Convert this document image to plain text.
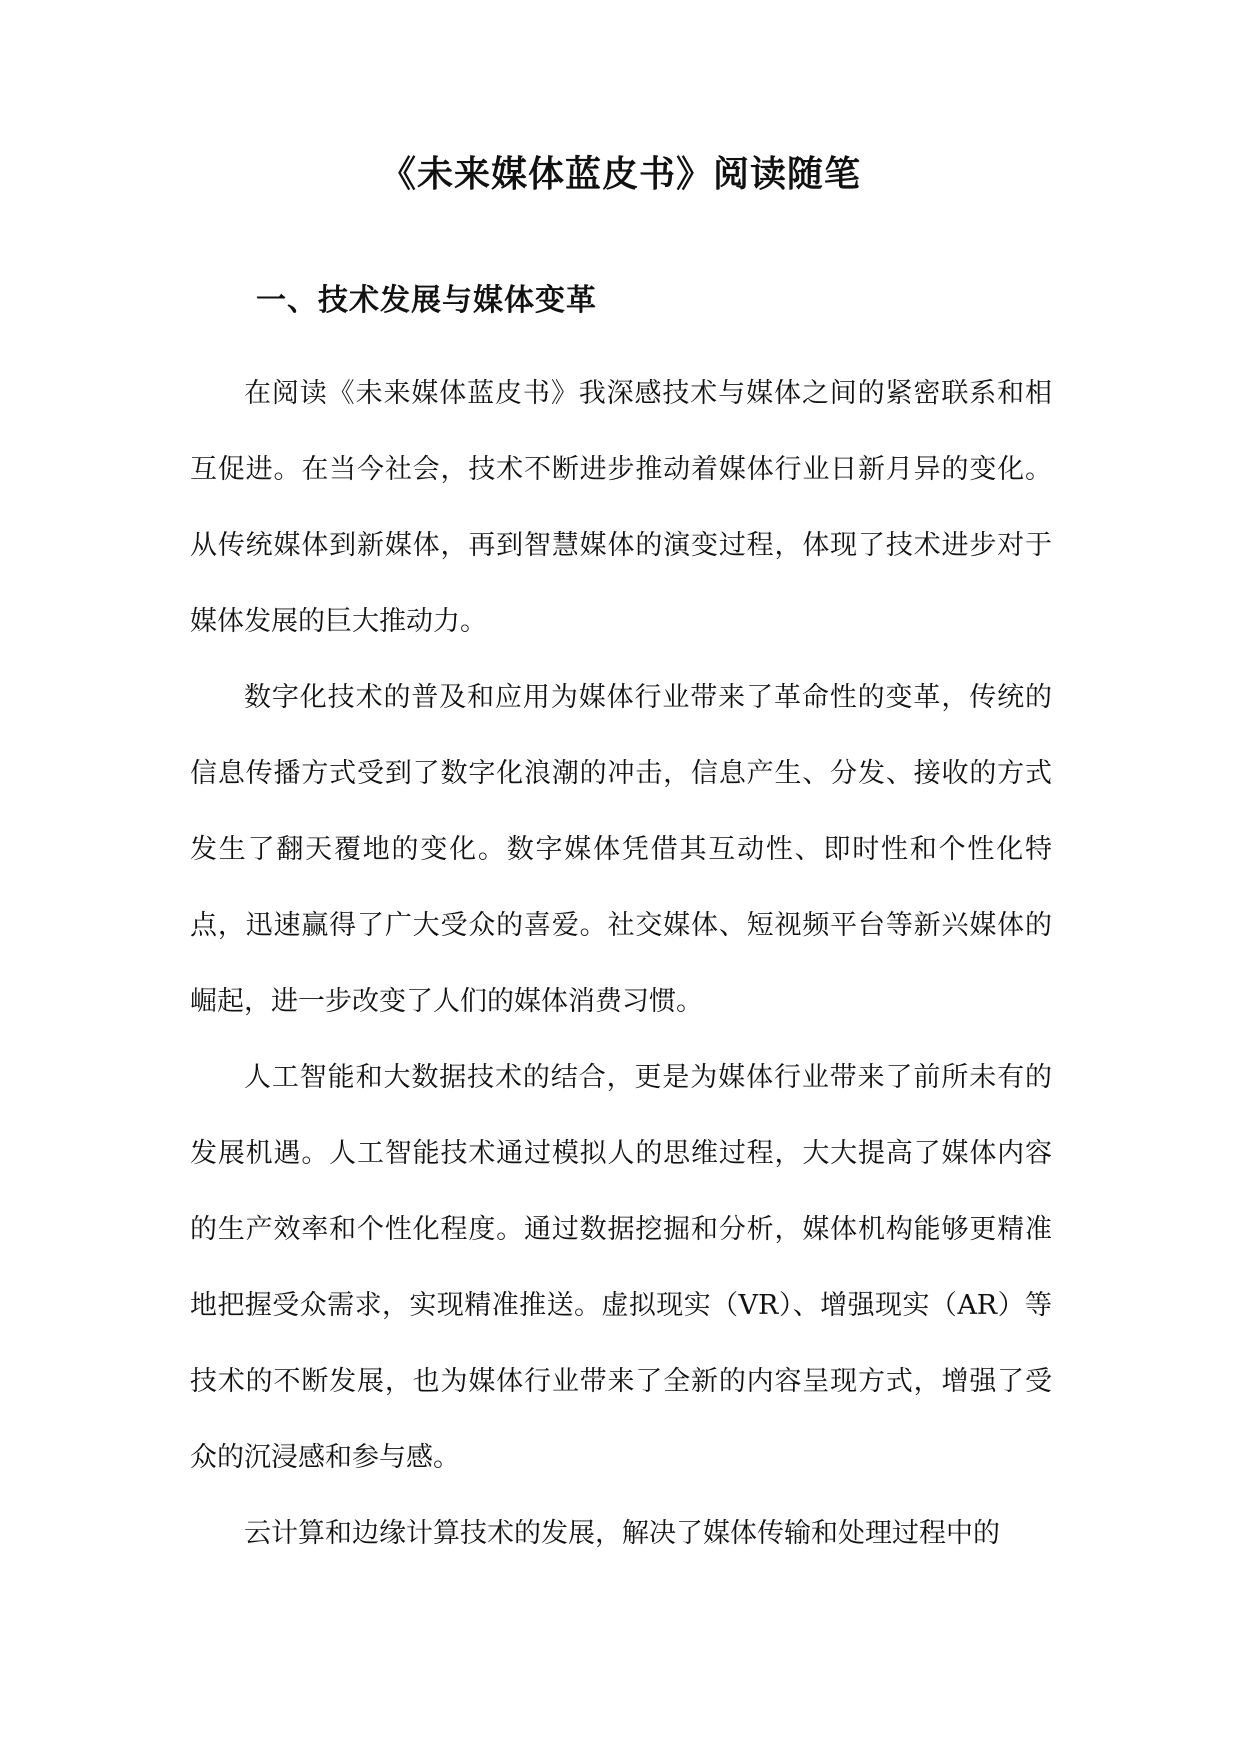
《未来媒体蓝皮书》阅读随笔
一、技术发展与媒体变革

在阅读《未来媒体蓝皮书》我深感技术与媒体之间的紧密联系和相互促进。在当今社会，技术不断进步推动着媒体行业日新月异的变化。从传统媒体到新媒体，再到智慧媒体的演变过程，体现了技术进步对于媒体发展的巨大推动力。

数字化技术的普及和应用为媒体行业带来了革命性的变革，传统的信息传播方式受到了数字化浪潮的冲击，信息产生、分发、接收的方式发生了翻天覆地的变化。数字媒体凭借其互动性、即时性和个性化特点，迅速赢得了广大受众的喜爱。社交媒体、短视频平台等新兴媒体的崛起，进一步改变了人们的媒体消费习惯。

人工智能和大数据技术的结合，更是为媒体行业带来了前所未有的发展机遇。人工智能技术通过模拟人的思维过程，大大提高了媒体内容的生产效率和个性化程度。通过数据挖掘和分析，媒体机构能够更精准地把握受众需求，实现精准推送。虚拟现实（VR）、增强现实（AR）等技术的不断发展，也为媒体行业带来了全新的内容呈现方式，增强了受众的沉浸感和参与感。

云计算和边缘计算技术的发展，解决了媒体传输和处理过程中的
